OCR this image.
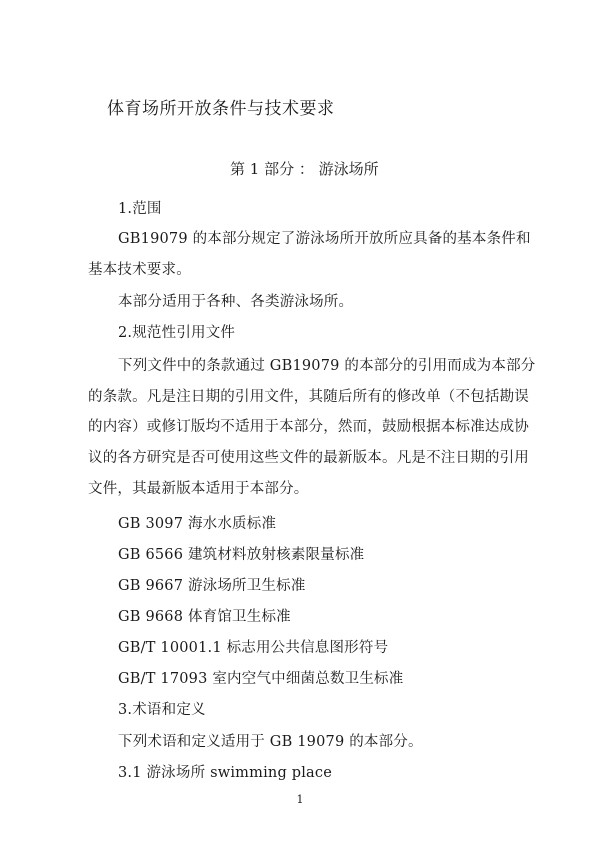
体育场所开放条件与技术要求
第 1 部分 ： 游泳场所
1.范围
GB19079 的本部分规定了游泳场所开放所应具备的基本条件和
基本技术要求。
本部分适用于各种、各类游泳场所。
2.规范性引用文件
下列文件中的条款通过 GB19079 的本部分的引用而成为本部分
的条款。凡是注日期的引用文件，其随后所有的修改单（不包括勘误
的内容）或修订版均不适用于本部分，然而，鼓励根据本标准达成协
议的各方研究是否可使用这些文件的最新版本。凡是不注日期的引用
文件，其最新版本适用于本部分。
GB 3097 海水水质标准
GB 6566 建筑材料放射核素限量标准
GB 9667 游泳场所卫生标准
GB 9668 体育馆卫生标准
GB/T 10001.1 标志用公共信息图形符号
GB/T 17093 室内空气中细菌总数卫生标准
3.术语和定义
下列术语和定义适用于 GB 19079 的本部分。
3.1 游泳场所 swimming place
1
